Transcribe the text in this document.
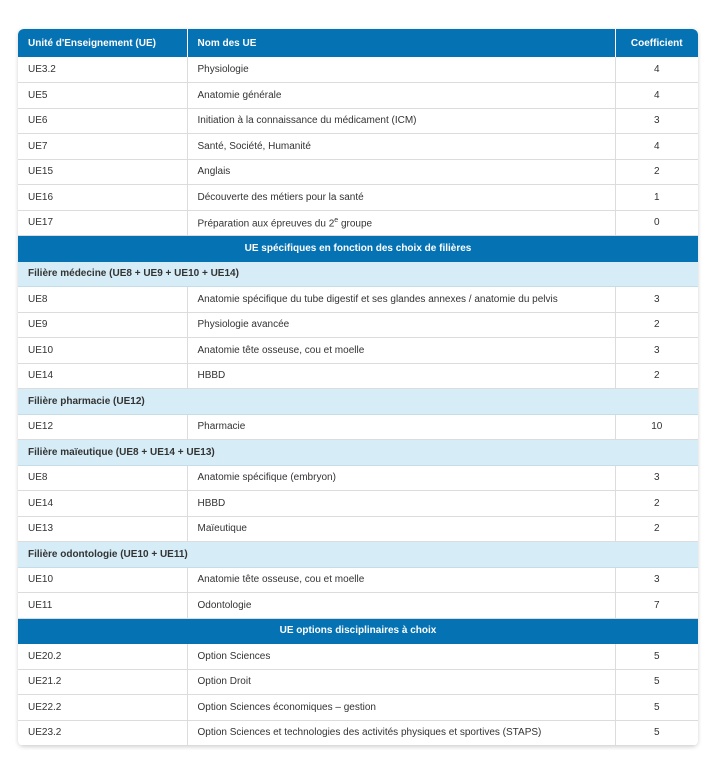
Unité d'Enseignement (UE)	Nom des UE	Coefficient
UE3.2	Physiologie	4
UE5	Anatomie générale	4
UE6	Initiation à la connaissance du médicament (ICM)	3
UE7	Santé, Société, Humanité	4
UE15	Anglais	2
UE16	Découverte des métiers pour la santé	1
UE17	Préparation aux épreuves du 2e groupe	0
UE spécifiques en fonction des choix de filières		
Filière médecine (UE8 + UE9 + UE10 + UE14)		
UE8	Anatomie spécifique du tube digestif et ses glandes annexes / anatomie du pelvis	3
UE9	Physiologie avancée	2
UE10	Anatomie tête osseuse, cou et moelle	3
UE14	HBBD	2
Filière pharmacie (UE12)		
UE12	Pharmacie	10
Filière maïeutique (UE8 + UE14 + UE13)		
UE8	Anatomie spécifique (embryon)	3
UE14	HBBD	2
UE13	Maïeutique	2
Filière odontologie (UE10 + UE11)		
UE10	Anatomie tête osseuse, cou et moelle	3
UE11	Odontologie	7
UE options disciplinaires à choix		
UE20.2	Option Sciences	5
UE21.2	Option Droit	5
UE22.2	Option Sciences économiques – gestion	5
UE23.2	Option Sciences et technologies des activités physiques et sportives (STAPS)	5
